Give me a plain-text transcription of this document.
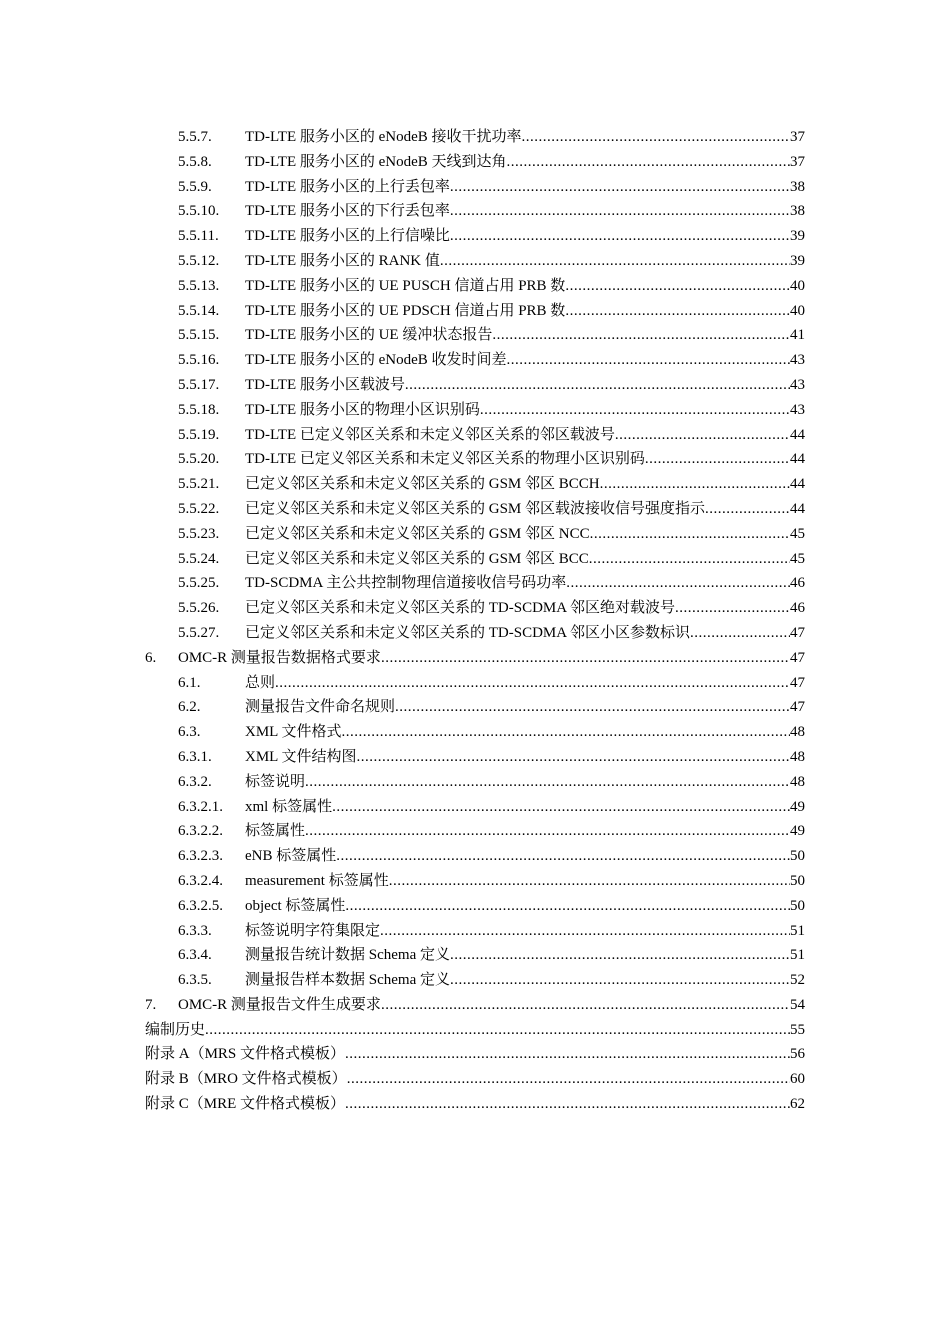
5.5.7. TD-LTE 服务小区的 eNodeB 接收干扰功率 .....	37
5.5.8. TD-LTE 服务小区的 eNodeB 天线到达角 .....	37
5.5.9. TD-LTE 服务小区的上行丢包率 .....	38
5.5.10. TD-LTE 服务小区的下行丢包率 .....	38
5.5.11. TD-LTE 服务小区的上行信噪比 .....	39
5.5.12. TD-LTE 服务小区的 RANK 值 .....	39
5.5.13. TD-LTE 服务小区的 UE PUSCH 信道占用 PRB 数 .....	40
5.5.14. TD-LTE 服务小区的 UE PDSCH 信道占用 PRB 数 .....	40
5.5.15. TD-LTE 服务小区的 UE 缓冲状态报告 .....	41
5.5.16. TD-LTE 服务小区的 eNodeB 收发时间差 .....	43
5.5.17. TD-LTE 服务小区载波号 .....	43
5.5.18. TD-LTE 服务小区的物理小区识别码 .....	43
5.5.19. TD-LTE 已定义邻区关系和未定义邻区关系的邻区载波号 .....	44
5.5.20. TD-LTE 已定义邻区关系和未定义邻区关系的物理小区识别码 .....	44
5.5.21. 已定义邻区关系和未定义邻区关系的 GSM 邻区 BCCH .....	44
5.5.22. 已定义邻区关系和未定义邻区关系的 GSM 邻区载波接收信号强度指示 .....	44
5.5.23. 已定义邻区关系和未定义邻区关系的 GSM 邻区 NCC .....	45
5.5.24. 已定义邻区关系和未定义邻区关系的 GSM 邻区 BCC .....	45
5.5.25. TD-SCDMA 主公共控制物理信道接收信号码功率 .....	46
5.5.26. 已定义邻区关系和未定义邻区关系的 TD-SCDMA 邻区绝对载波号 .....	46
5.5.27. 已定义邻区关系和未定义邻区关系的 TD-SCDMA 邻区小区参数标识 .....	47
6. OMC-R 测量报告数据格式要求 .....	47
6.1.	总则 .....	47
6.2.	测量报告文件命名规则 .....	47
6.3.	XML 文件格式 .....	48
6.3.1. XML 文件结构图 .....	48
6.3.2. 标签说明 .....	48
6.3.2.1. xml 标签属性 .....	49
6.3.2.2. 标签属性 .....	49
6.3.2.3. eNB 标签属性 .....	50
6.3.2.4. measurement 标签属性 .....	50
6.3.2.5. object 标签属性 .....	50
6.3.3. 标签说明字符集限定 .....	51
6.3.4. 测量报告统计数据 Schema 定义 .....	51
6.3.5. 测量报告样本数据 Schema 定义 .....	52
7. OMC-R 测量报告文件生成要求 .....	54
编制历史 .....	55
附录 A（MRS 文件格式模板） .....	56
附录 B（MRO 文件格式模板） .....	60
附录 C（MRE 文件格式模板） .....	62
